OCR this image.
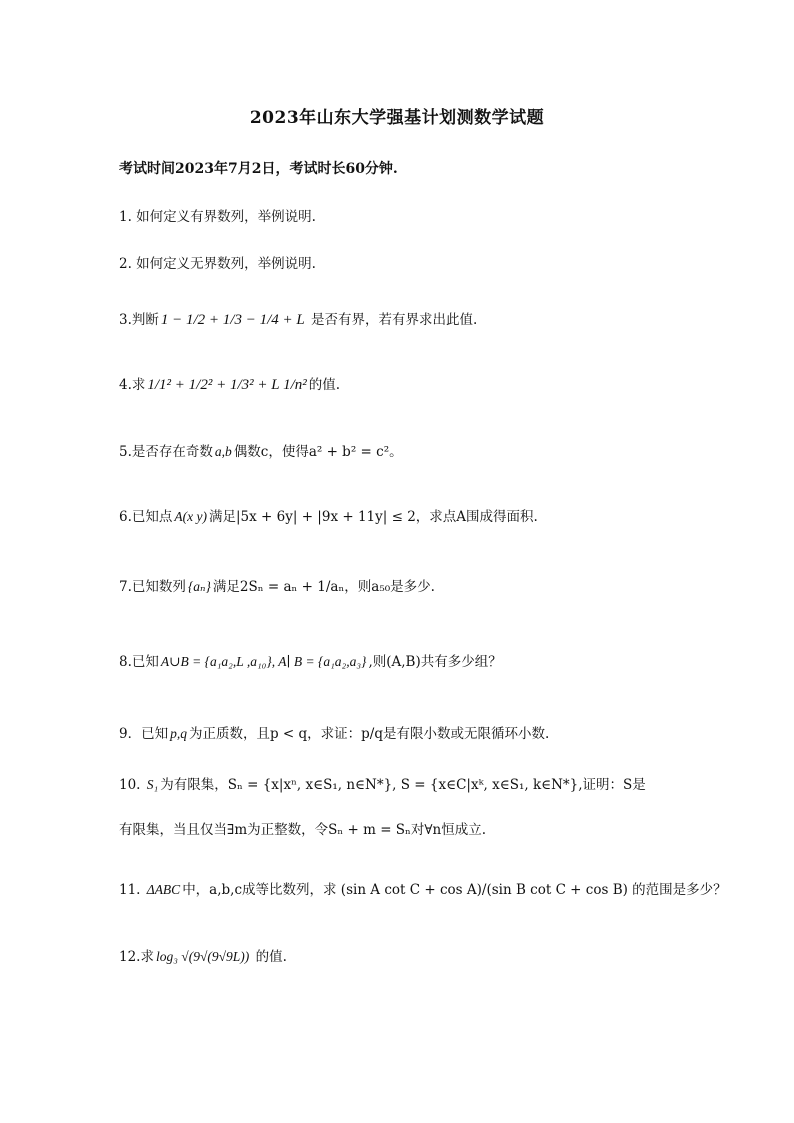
2023年山东大学强基计划测数学试题
考试时间2023年7月2日，考试时长60分钟.
1. 如何定义有界数列，举例说明.
2. 如何定义无界数列，举例说明.
3.判断 1 − 1/2 + 1/3 − 1/4 + L 是否有界，若有界求出此值.
4.求 1/1² + 1/2² + 1/3² + L 1/n² 的值.
5.是否存在奇数 a,b 偶数c，使得a² + b² = c²。
6.已知点 A(x y) 满足|5x + 6y| + |9x + 11y| ≤ 2，求点A围成得面积.
7.已知数列 {aₙ} 满足2Sₙ = aₙ + 1/aₙ，则a₅₀是多少.
8.已知 A∪B = {a₁a₂,L ,a₁₀}, A∣ B = {a₁a₂,a₃} ,则(A,B)共有多少组？
9．已知 p,q 为正质数，且p < q，求证：p/q是有限小数或无限循环小数.
10. S₁ 为有限集，Sₙ = {x|xⁿ, x∈S₁, n∈N*}, S = {x∈C|xᵏ, x∈S₁, k∈N*},证明：S是
有限集，当且仅当∃m为正整数，令Sₙ + m = Sₙ对∀n恒成立.
11. ΔABC 中，a,b,c成等比数列，求 (sin A cot C + cos A)/(sin B cot C + cos B) 的范围是多少？
12.求 log₃ √(9√(9√9L)) 的值.
